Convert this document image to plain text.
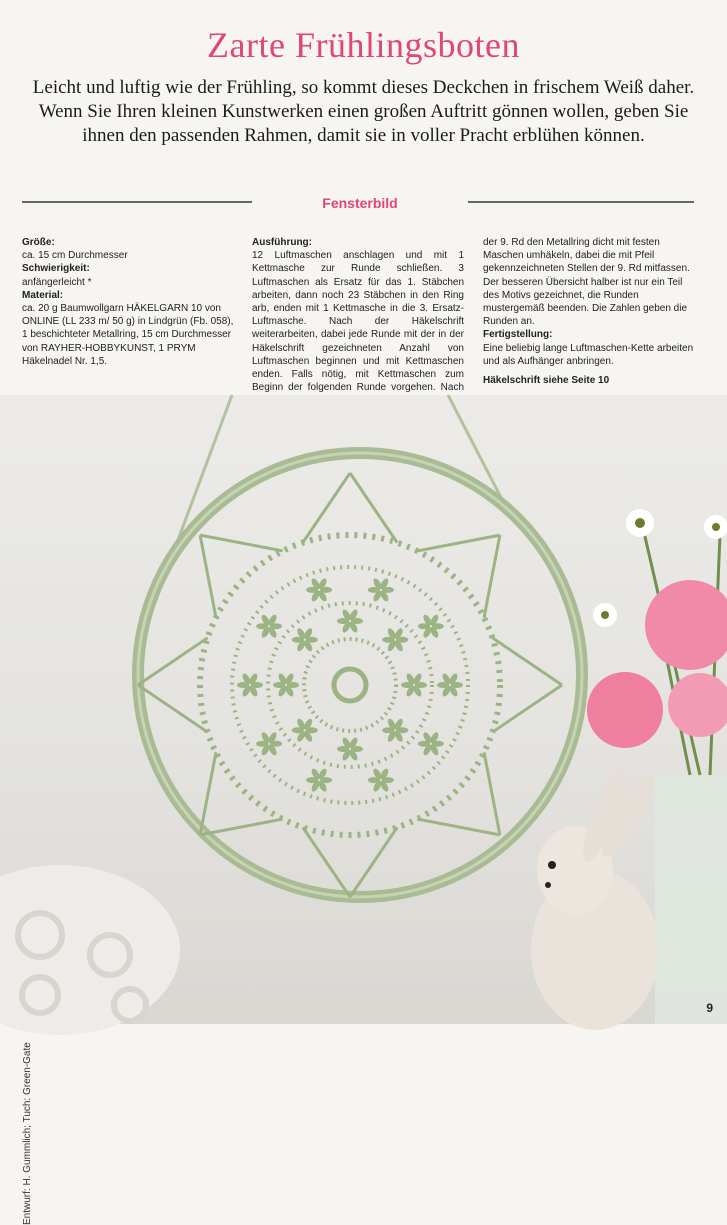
Zarte Frühlingsboten
Leicht und luftig wie der Frühling, so kommt dieses Deckchen in frischem Weiß daher. Wenn Sie Ihren kleinen Kunstwerken einen großen Auftritt gönnen wollen, geben Sie ihnen den passenden Rahmen, damit sie in voller Pracht erblühen können.
Fensterbild
Größe:
ca. 15 cm Durchmesser
Schwierigkeit:
anfängerleicht *
Material:
ca. 20 g Baumwollgarn HÄKELGARN 10 von ONLINE (LL 233 m/ 50 g) in Lindgrün (Fb. 058), 1 beschichteter Metallring, 15 cm Durchmesser von RAYHER-HOBBYKUNST, 1 PRYM Häkelnadel Nr. 1,5.
Ausführung:
12 Luftmaschen anschlagen und mit 1 Kettmasche zur Runde schließen. 3 Luftmaschen als Ersatz für das 1. Stäbchen arbeiten, dann noch 23 Stäbchen in den Ring arb, enden mit 1 Kettmasche in die 3. Ersatz-Luftmasche. Nach der Häkelschrift weiterarbeiten, dabei jede Runde mit der in der Häkelschrift gezeichneten Anzahl von Luftmaschen beginnen und mit Kettmaschen enden. Falls nötig, mit Kettmaschen zum Beginn der folgenden Runde vorgehen. Nach
der 9. Rd den Metallring dicht mit festen Maschen umhäkeln, dabei die mit Pfeil gekennzeichneten Stellen der 9. Rd mitfassen. Der besseren Übersicht halber ist nur ein Teil des Motivs gezeichnet, die Runden mustergemäß beenden. Die Zahlen geben die Runden an.
Fertigstellung:
Eine beliebig lange Luftmaschen-Kette arbeiten und als Aufhänger anbringen.
Häkelschrift siehe Seite 10
Entwurf: H. Gummlich; Tuch: Green-Gate
9
